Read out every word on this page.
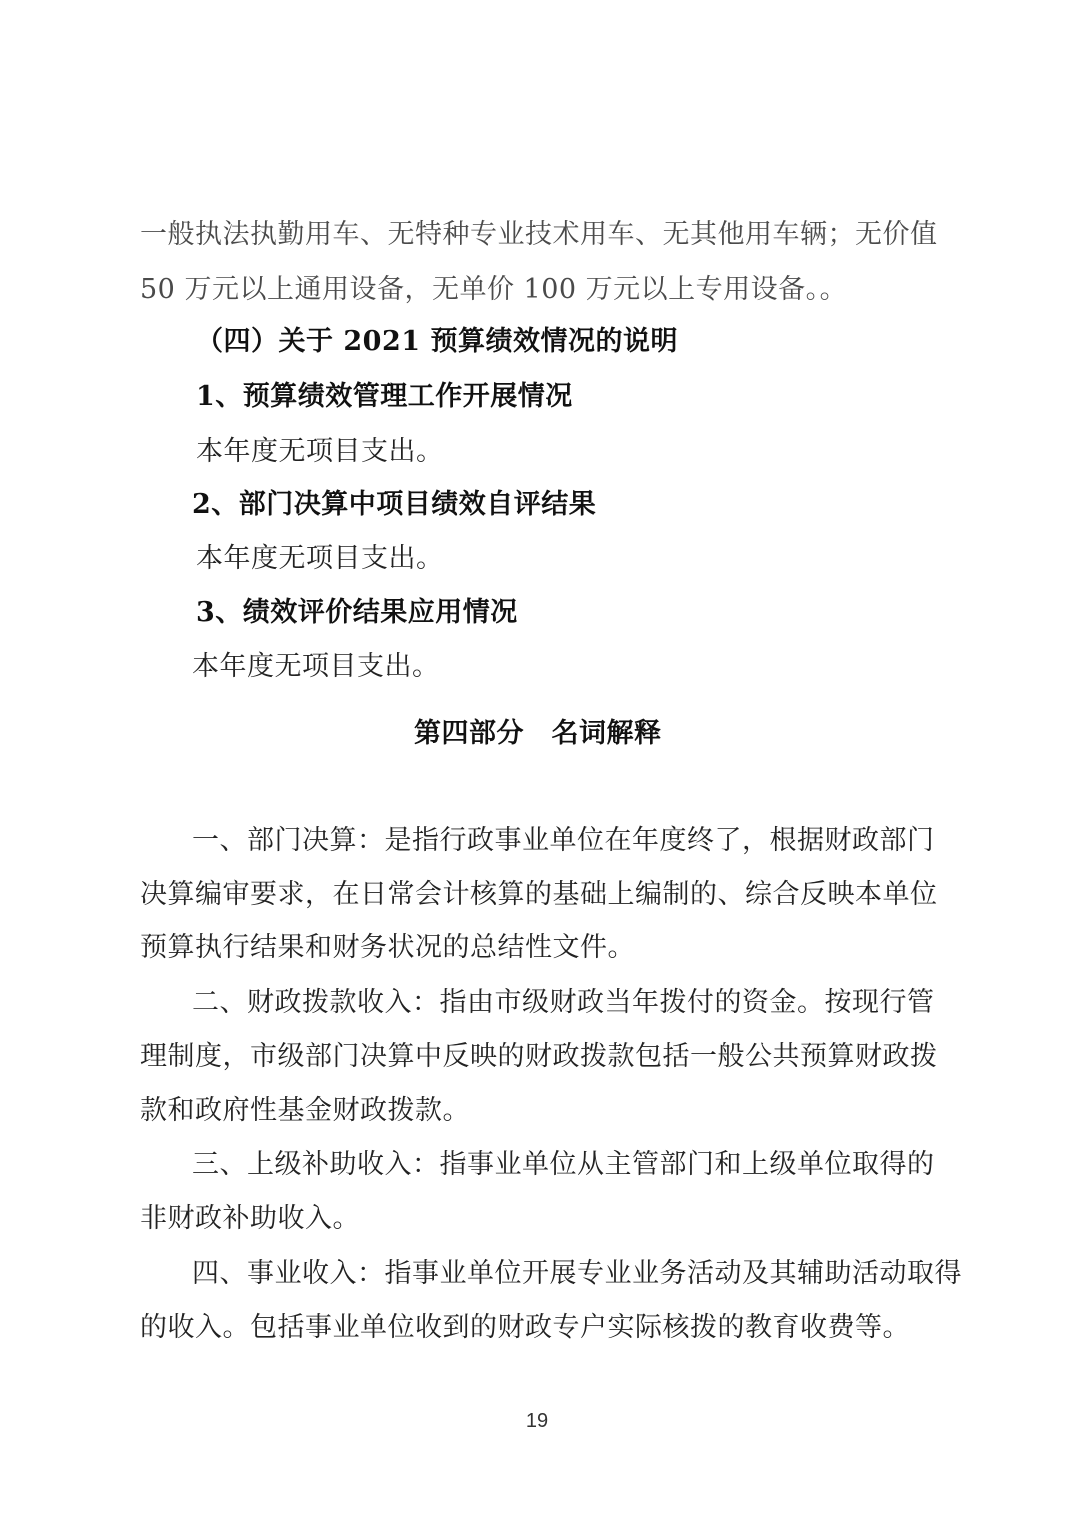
一般执法执勤用车、无特种专业技术用车、无其他用车辆；无价值
50 万元以上通用设备，无单价 100 万元以上专用设备。。
（四）关于 2021 预算绩效情况的说明
1、预算绩效管理工作开展情况
本年度无项目支出。
2、部门决算中项目绩效自评结果
本年度无项目支出。
3、绩效评价结果应用情况
本年度无项目支出。
第四部分　名词解释
一、部门决算：是指行政事业单位在年度终了，根据财政部门
决算编审要求，在日常会计核算的基础上编制的、综合反映本单位
预算执行结果和财务状况的总结性文件。
二、财政拨款收入：指由市级财政当年拨付的资金。按现行管
理制度，市级部门决算中反映的财政拨款包括一般公共预算财政拨
款和政府性基金财政拨款。
三、上级补助收入：指事业单位从主管部门和上级单位取得的
非财政补助收入。
四、事业收入：指事业单位开展专业业务活动及其辅助活动取得
的收入。包括事业单位收到的财政专户实际核拨的教育收费等。
19
